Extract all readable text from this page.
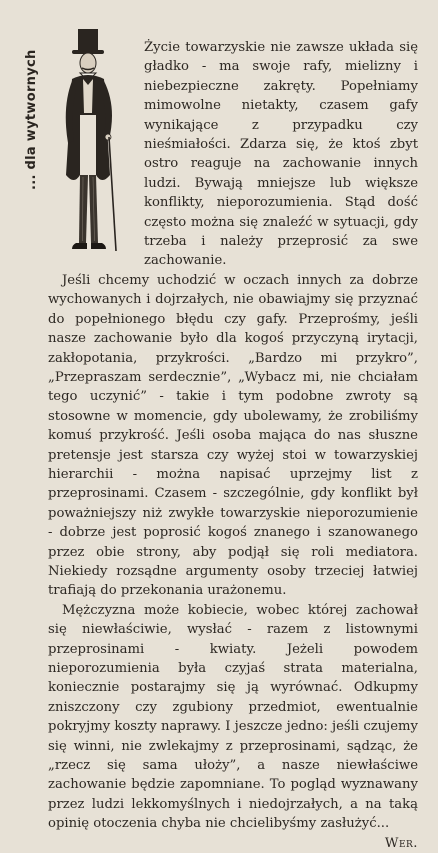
... dla wytwornych

Życie towarzyskie nie zawsze układa się gładko - ma swoje rafy, mielizny i niebezpieczne zakręty. Popełniamy mimowolne nietakty, czasem gafy wynikające z przypadku czy nieśmiałości. Zdarza się, że ktoś zbyt ostro reaguje na zachowanie innych ludzi. Bywają mniejsze lub większe konflikty, nieporozumienia. Stąd dość często można się znaleźć w sytuacji, gdy trzeba i należy przeprosić za swe zachowanie.

Jeśli chcemy uchodzić w oczach innych za dobrze wychowanych i dojrzałych, nie obawiajmy się przyznać do popełnionego błędu czy gafy. Przeprośmy, jeśli nasze zachowanie było dla kogoś przyczyną irytacji, zakłopotania, przykrości. „Bardzo mi przykro”, „Przepraszam serdecznie”, „Wybacz mi, nie chciałam tego uczynić” - takie i tym podobne zwroty są stosowne w momencie, gdy ubolewamy, że zrobiliśmy komuś przykrość. Jeśli osoba mająca do nas słuszne pretensje jest starsza czy wyżej stoi w towarzyskiej hierarchii - można napisać uprzejmy list z przeprosinami. Czasem - szczególnie, gdy konflikt był poważniejszy niż zwykłe towarzyskie nieporozumienie - dobrze jest poprosić kogoś znanego i szanowanego przez obie strony, aby podjął się roli mediatora. Niekiedy rozsądne argumenty osoby trzeciej łatwiej trafiają do przekonania urażonemu.

Mężczyzna może kobiecie, wobec której zachował się niewłaściwie, wysłać - razem z listownymi przeprosinami - kwiaty. Jeżeli powodem nieporozumienia była czyjaś strata materialna, koniecznie postarajmy się ją wyrównać. Odkupmy zniszczony czy zgubiony przedmiot, ewentualnie pokryjmy koszty naprawy. I jeszcze jedno: jeśli czujemy się winni, nie zwlekajmy z przeprosinami, sądząc, że „rzecz się sama ułoży”, a nasze niewłaściwe zachowanie będzie zapomniane. To pogląd wyznawany przez ludzi lekkomyślnych i niedojrzałych, a na taką opinię otoczenia chyba nie chcielibyśmy zasłużyć...

Wer.
